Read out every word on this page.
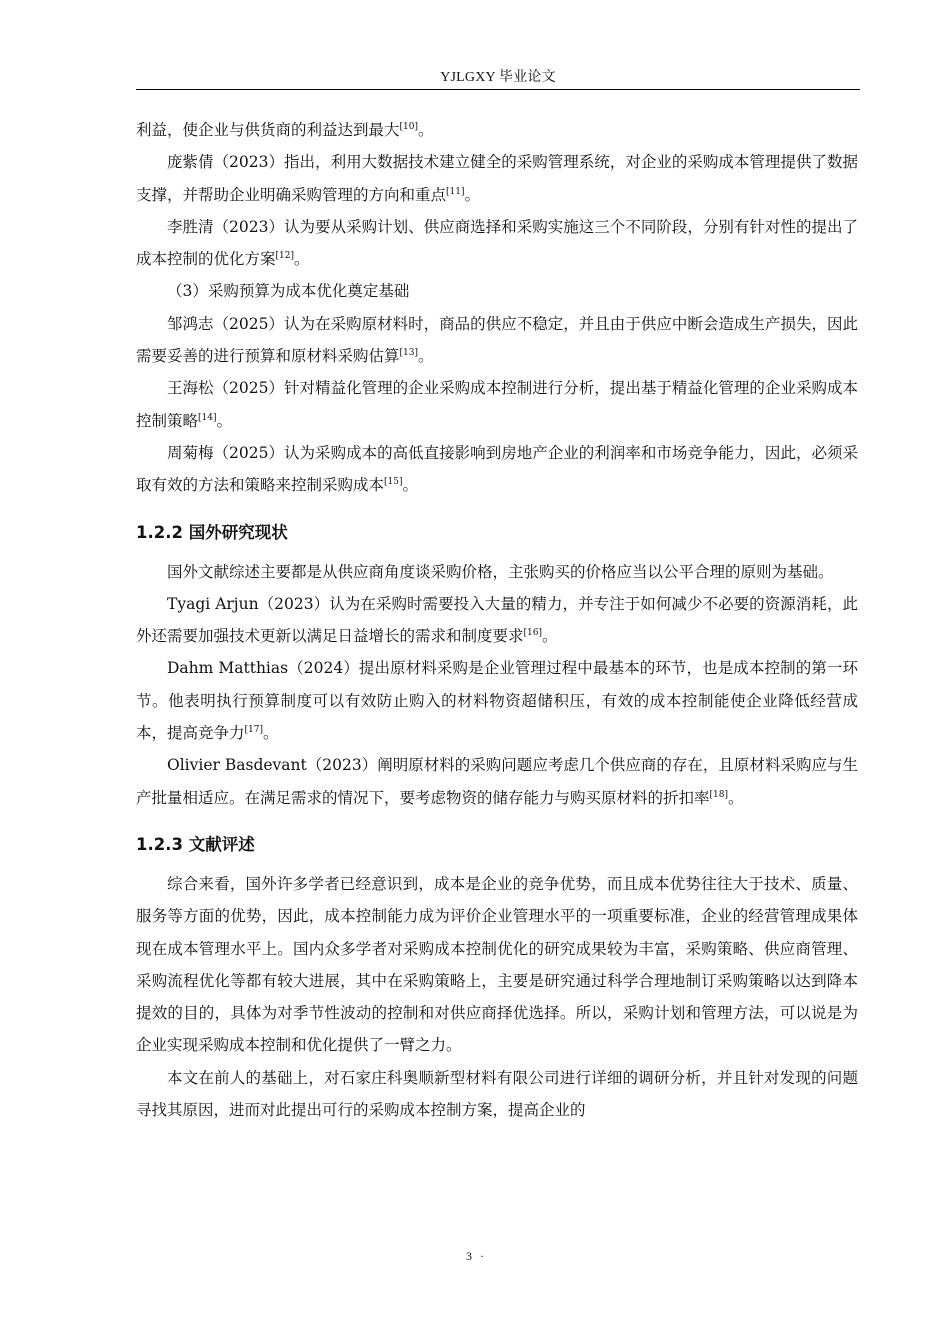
YJLGXY 毕业论文

利益，使企业与供货商的利益达到最大[10]。

庞紫倩（2023）指出，利用大数据技术建立健全的采购管理系统，对企业的采购成本管理提供了数据支撑，并帮助企业明确采购管理的方向和重点[11]。

李胜清（2023）认为要从采购计划、供应商选择和采购实施这三个不同阶段，分别有针对性的提出了成本控制的优化方案[12]。

（3）采购预算为成本优化奠定基础

邹鸿志（2025）认为在采购原材料时，商品的供应不稳定，并且由于供应中断会造成生产损失，因此需要妥善的进行预算和原材料采购估算[13]。

王海松（2025）针对精益化管理的企业采购成本控制进行分析，提出基于精益化管理的企业采购成本控制策略[14]。

周菊梅（2025）认为采购成本的高低直接影响到房地产企业的利润率和市场竞争能力，因此，必须采取有效的方法和策略来控制采购成本[15]。

1.2.2 国外研究现状

国外文献综述主要都是从供应商角度谈采购价格，主张购买的价格应当以公平合理的原则为基础。

Tyagi Arjun（2023）认为在采购时需要投入大量的精力，并专注于如何减少不必要的资源消耗，此外还需要加强技术更新以满足日益增长的需求和制度要求[16]。

Dahm Matthias（2024）提出原材料采购是企业管理过程中最基本的环节，也是成本控制的第一环节。他表明执行预算制度可以有效防止购入的材料物资超储积压，有效的成本控制能使企业降低经营成本，提高竞争力[17]。

Olivier Basdevant（2023）阐明原材料的采购问题应考虑几个供应商的存在，且原材料采购应与生产批量相适应。在满足需求的情况下，要考虑物资的储存能力与购买原材料的折扣率[18]。

1.2.3 文献评述

综合来看，国外许多学者已经意识到，成本是企业的竞争优势，而且成本优势往往大于技术、质量、服务等方面的优势，因此，成本控制能力成为评价企业管理水平的一项重要标准，企业的经营管理成果体现在成本管理水平上。国内众多学者对采购成本控制优化的研究成果较为丰富，采购策略、供应商管理、采购流程优化等都有较大进展，其中在采购策略上，主要是研究通过科学合理地制订采购策略以达到降本提效的目的，具体为对季节性波动的控制和对供应商择优选择。所以，采购计划和管理方法，可以说是为企业实现采购成本控制和优化提供了一臂之力。

本文在前人的基础上，对石家庄科奥顺新型材料有限公司进行详细的调研分析，并且针对发现的问题寻找其原因，进而对此提出可行的采购成本控制方案，提高企业的

3 ·
